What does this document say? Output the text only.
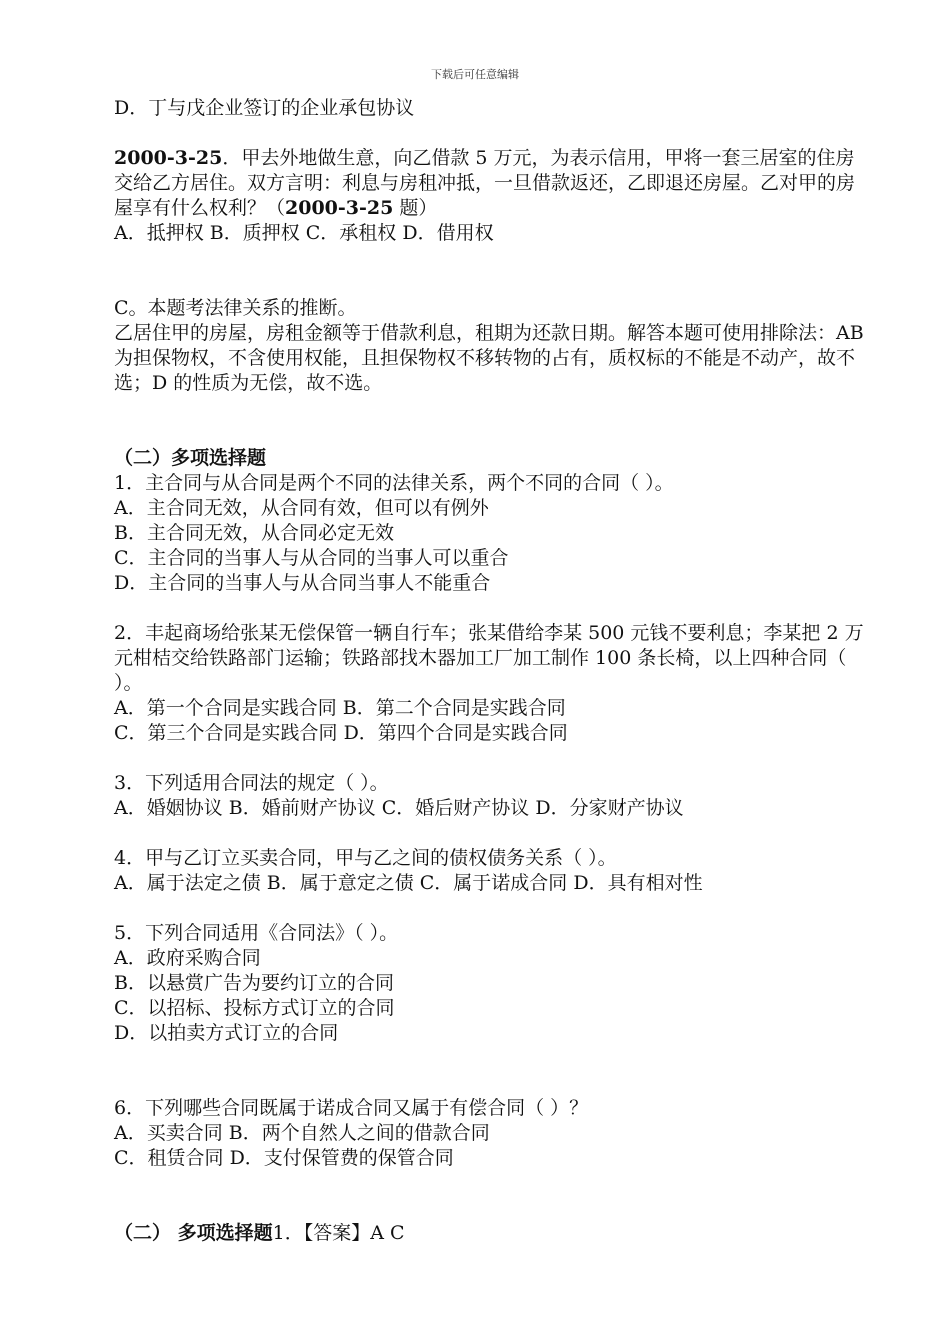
下载后可任意编辑
D．丁与戊企业签订的企业承包协议
2000-3-25．甲去外地做生意，向乙借款 5 万元，为表示信用，甲将一套三居室的住房交给乙方居住。双方言明：利息与房租冲抵，一旦借款返还，乙即退还房屋。乙对甲的房屋享有什么权利？（2000-3-25 题）
A．抵押权 B．质押权 C．承租权 D．借用权
C。本题考法律关系的推断。
乙居住甲的房屋，房租金额等于借款利息，租期为还款日期。解答本题可使用排除法：AB 为担保物权，不含使用权能，且担保物权不移转物的占有，质权标的不能是不动产，故不选；D 的性质为无偿，故不选。
（二）多项选择题
1．主合同与从合同是两个不同的法律关系，两个不同的合同（ ）。
A．主合同无效，从合同有效，但可以有例外
B．主合同无效，从合同必定无效
C．主合同的当事人与从合同的当事人可以重合
D．主合同的当事人与从合同当事人不能重合
2．丰起商场给张某无偿保管一辆自行车；张某借给李某 500 元钱不要利息；李某把 2 万元柑桔交给铁路部门运输；铁路部找木器加工厂加工制作 100 条长椅，以上四种合同（ ）。
A．第一个合同是实践合同 B．第二个合同是实践合同
C．第三个合同是实践合同 D．第四个合同是实践合同
3．下列适用合同法的规定（ ）。
A．婚姻协议 B．婚前财产协议 C．婚后财产协议 D．分家财产协议
4．甲与乙订立买卖合同，甲与乙之间的债权债务关系（ ）。
A．属于法定之债 B．属于意定之债 C．属于诺成合同 D．具有相对性
5．下列合同适用《合同法》（ ）。
A．政府采购合同
B．以悬赏广告为要约订立的合同
C．以招标、投标方式订立的合同
D．以拍卖方式订立的合同
6．下列哪些合同既属于诺成合同又属于有偿合同（ ）？
A．买卖合同 B．两个自然人之间的借款合同
C．租赁合同 D．支付保管费的保管合同
（二） 多项选择题1．【答案】A C
